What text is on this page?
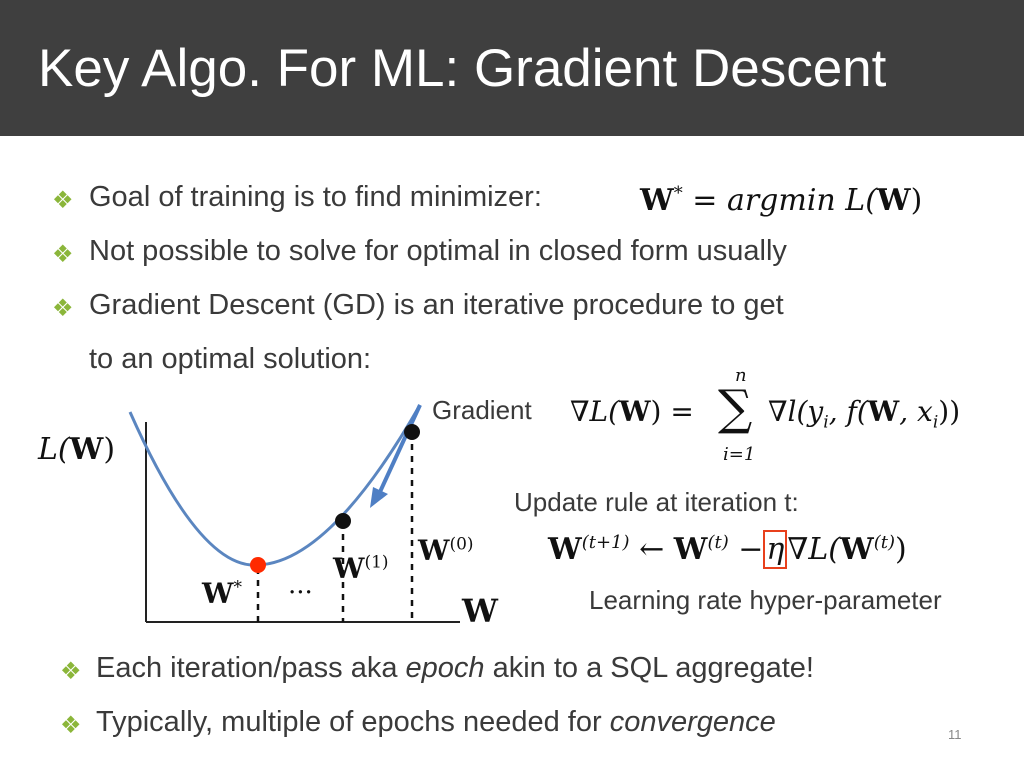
Key Algo. For ML: Gradient Descent
❖ Goal of training is to find minimizer:	W* = argmin L(W)
❖ Not possible to solve for optimal in closed form usually
❖ Gradient Descent (GD) is an iterative procedure to get
to an optimal solution:
Gradient ∇L(W) =
n
∑
i=1
$\nabla l(y_i$, f(W, $x_i$))
Update rule at iteration t:
$W^{(t+1)}$ ← $W^{(t)} - \eta$ $\nabla L(W^{(t)})$
Learning rate hyper-parameter
L(W)
W
W* ... $W^{(1)}$ $W^{(0)}$
❖ Each iteration/pass aka epoch akin to a SQL aggregate!
❖ Typically, multiple of epochs needed for convergence	11
